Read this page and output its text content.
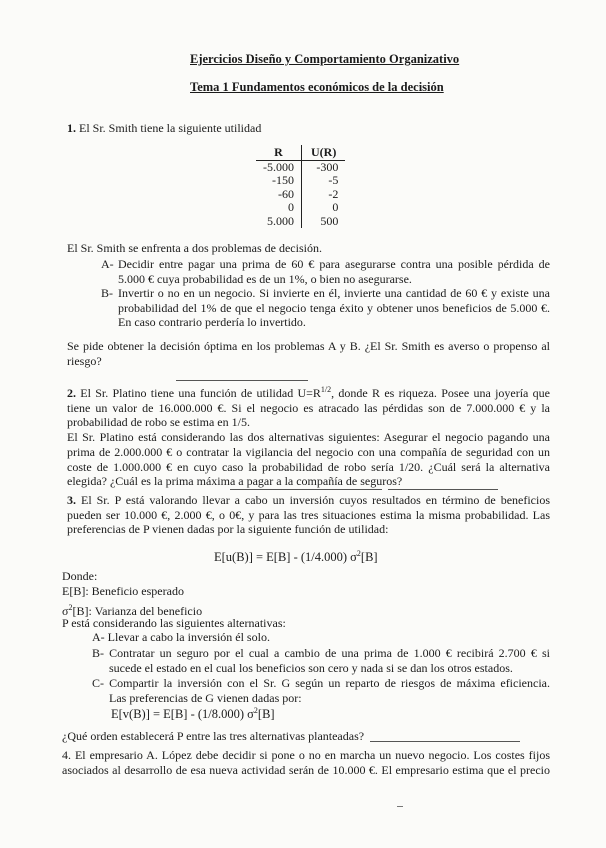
Ejercicios Diseño y Comportamiento Organizativo
Tema 1 Fundamentos económicos de la decisión
1. El Sr. Smith tiene la siguiente utilidad
R	U(R)
-5.000	-300
-150	-5
-60	-2
0	0
5.000	500
El Sr. Smith se enfrenta a dos problemas de decisión.
A- Decidir entre pagar una prima de 60 € para asegurarse contra una posible pérdida de

5.000 € cuya probabilidad es de un 1%, o bien no asegurarse.

B- Invertir o no en un negocio. Si invierte en él, invierte una cantidad de 60 € y existe una

probabilidad del 1% de que el negocio tenga éxito y obtener unos beneficios de 5.000 €.

En caso contrario perdería lo invertido.

Se pide obtener la decisión óptima en los problemas A y B. ¿El Sr. Smith es averso o propenso al

riesgo?

2. El Sr. Platino tiene una función de utilidad $U=R^{1/2}$, donde R es riqueza. Posee una joyería que

tiene un valor de 16.000.000 €. Si el negocio es atracado las pérdidas son de 7.000.000 € y la

probabilidad de robo se estima en 1/5.

El Sr. Platino está considerando las dos alternativas siguientes: Asegurar el negocio pagando una

prima de 2.000.000 € o contratar la vigilancia del negocio con una compañía de seguridad con un

coste de 1.000.000 € en cuyo caso la probabilidad de robo sería 1/20. ¿Cuál será la alternativa

elegida? ¿Cuál es la prima máxima a pagar a la compañía de seguros?

3. El Sr. P está valorando llevar a cabo un inversión cuyos resultados en término de beneficios

pueden ser 10.000 €, 2.000 €, o 0€, y para las tres situaciones estima la misma probabilidad. Las

preferencias de P vienen dadas por la siguiente función de utilidad:

E[u(B)] = E[B] - (1/4.000) $\sigma^2[B]$
Donde:
E[B]: Beneficio esperado
$\sigma^2[B]$: Varianza del beneficio
P está considerando las siguientes alternativas:
A- Llevar a cabo la inversión él solo.

B- Contratar un seguro por el cual a cambio de una prima de 1.000 € recibirá 2.700 € si

sucede el estado en el cual los beneficios son cero y nada si se dan los otros estados.

C- Compartir la inversión con el Sr. G según un reparto de riesgos de máxima eficiencia.

Las preferencias de G vienen dadas por:

E[v(B)] = E[B] - (1/8.000) $\sigma^2[B]$
¿Qué orden establecerá P entre las tres alternativas planteadas?

4. El empresario A. López debe decidir si pone o no en marcha un nuevo negocio. Los costes fijos

asociados al desarrollo de esa nueva actividad serán de 10.000 €. El empresario estima que el precio
